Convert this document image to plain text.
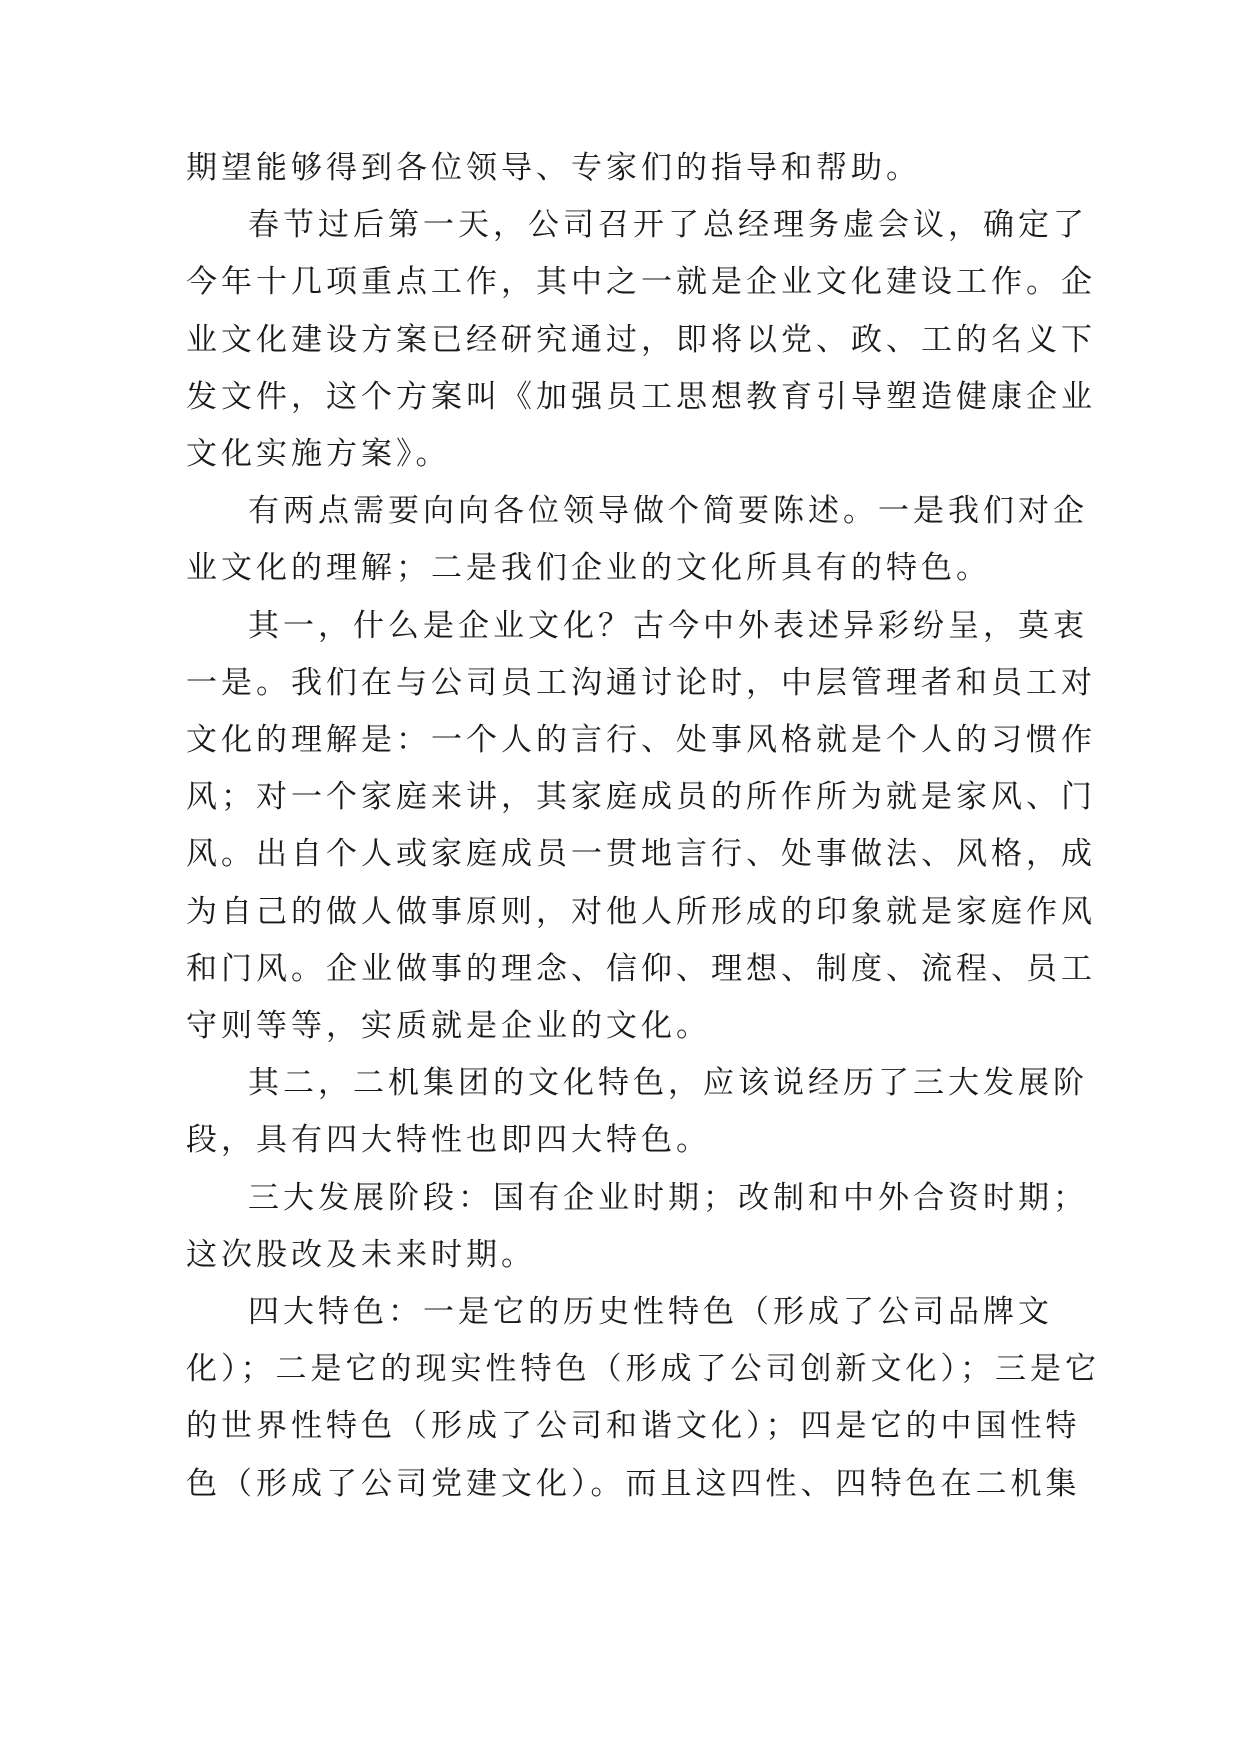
期望能够得到各位领导、专家们的指导和帮助。

春节过后第一天，公司召开了总经理务虚会议，确定了
今年十几项重点工作，其中之一就是企业文化建设工作。企
业文化建设方案已经研究通过，即将以党、政、工的名义下
发文件，这个方案叫《加强员工思想教育引导塑造健康企业
文化实施方案》。

有两点需要向向各位领导做个简要陈述。一是我们对企
业文化的理解；二是我们企业的文化所具有的特色。

其一，什么是企业文化？古今中外表述异彩纷呈，莫衷
一是。我们在与公司员工沟通讨论时，中层管理者和员工对
文化的理解是：一个人的言行、处事风格就是个人的习惯作
风；对一个家庭来讲，其家庭成员的所作所为就是家风、门
风。出自个人或家庭成员一贯地言行、处事做法、风格，成
为自己的做人做事原则，对他人所形成的印象就是家庭作风
和门风。企业做事的理念、信仰、理想、制度、流程、员工
守则等等，实质就是企业的文化。

其二，二机集团的文化特色，应该说经历了三大发展阶
段，具有四大特性也即四大特色。

三大发展阶段：国有企业时期；改制和中外合资时期；
这次股改及未来时期。

四大特色：一是它的历史性特色（形成了公司品牌文
化）；二是它的现实性特色（形成了公司创新文化）；三是它
的世界性特色（形成了公司和谐文化）；四是它的中国性特
色（形成了公司党建文化）。而且这四性、四特色在二机集
